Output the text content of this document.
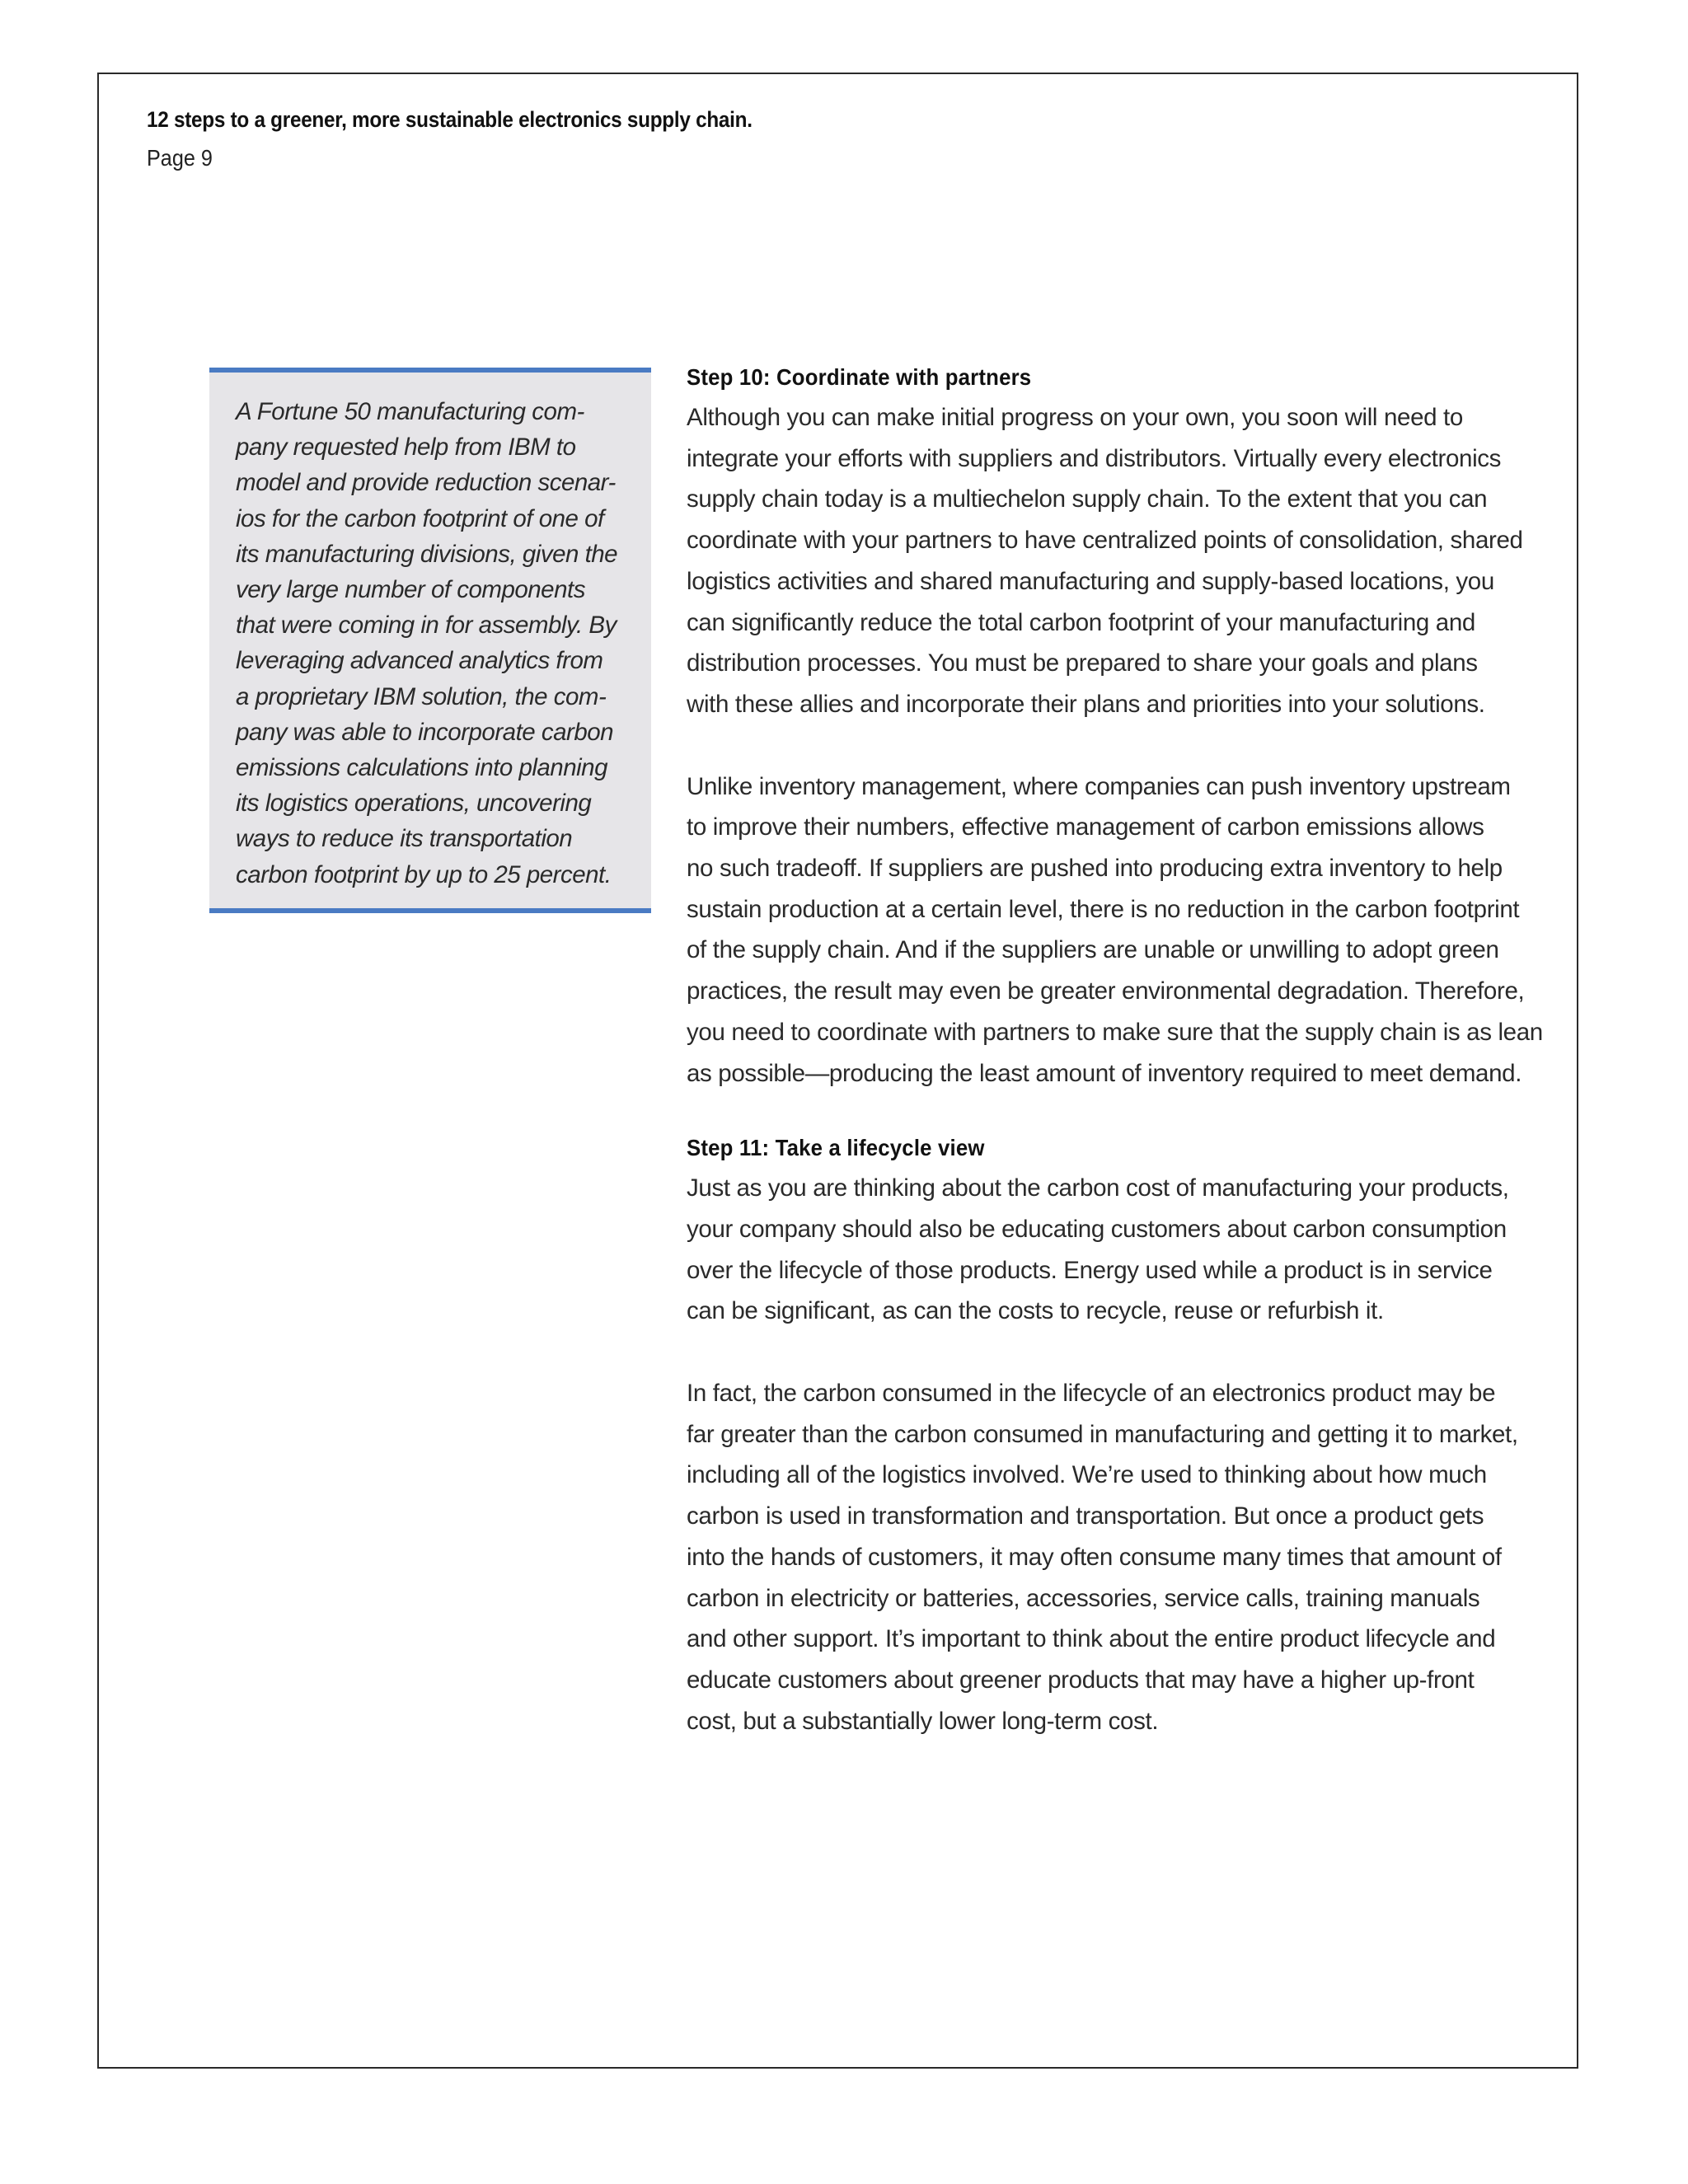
12 steps to a greener, more sustainable electronics supply chain.
Page 9
A Fortune 50 manufacturing com-
pany requested help from IBM to
model and provide reduction scenar-
ios for the carbon footprint of one of
its manufacturing divisions, given the
very large number of components
that were coming in for assembly. By
leveraging advanced analytics from
a proprietary IBM solution, the com-
pany was able to incorporate carbon
emissions calculations into planning
its logistics operations, uncovering
ways to reduce its transportation
carbon footprint by up to 25 percent.
Step 10: Coordinate with partners

Although you can make initial progress on your own, you soon will need to
integrate your efforts with suppliers and distributors. Virtually every electronics
supply chain today is a multiechelon supply chain. To the extent that you can
coordinate with your partners to have centralized points of consolidation, shared
logistics activities and shared manufacturing and supply-based locations, you
can significantly reduce the total carbon footprint of your manufacturing and
distribution processes. You must be prepared to share your goals and plans
with these allies and incorporate their plans and priorities into your solutions.

Unlike inventory management, where companies can push inventory upstream
to improve their numbers, effective management of carbon emissions allows
no such tradeoff. If suppliers are pushed into producing extra inventory to help
sustain production at a certain level, there is no reduction in the carbon footprint
of the supply chain. And if the suppliers are unable or unwilling to adopt green
practices, the result may even be greater environmental degradation. Therefore,
you need to coordinate with partners to make sure that the supply chain is as lean
as possible—producing the least amount of inventory required to meet demand.

Step 11: Take a lifecycle view

Just as you are thinking about the carbon cost of manufacturing your products,
your company should also be educating customers about carbon consumption
over the lifecycle of those products. Energy used while a product is in service
can be significant, as can the costs to recycle, reuse or refurbish it.

In fact, the carbon consumed in the lifecycle of an electronics product may be
far greater than the carbon consumed in manufacturing and getting it to market,
including all of the logistics involved. We’re used to thinking about how much
carbon is used in transformation and transportation. But once a product gets
into the hands of customers, it may often consume many times that amount of
carbon in electricity or batteries, accessories, service calls, training manuals
and other support. It’s important to think about the entire product lifecycle and
educate customers about greener products that may have a higher up-front
cost, but a substantially lower long-term cost.
